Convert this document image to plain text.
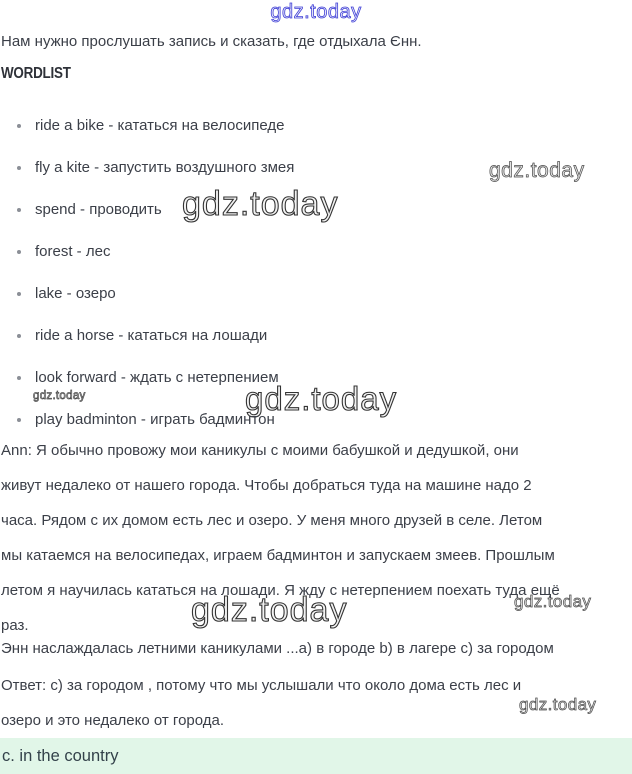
gdz.today
gdz.today
gdz.today
gdz.today	gdz.today
gdz.today	gdz.today
gdz.today
Нам нужно прослушать запись и сказать, где отдыхала Єнн.
WORDLIST
ride a bike - кататься на велосипеде
fly a kite - запустить воздушного змея
spend - проводить
forest - лес
lake - озеро
ride a horse - кататься на лошади
look forward - ждать с нетерпением
play badminton - играть бадминтон
Ann: Я обычно провожу мои каникулы с моими бабушкой и дедушкой, они
живут недалеко от нашего города. Чтобы добраться туда на машине надо 2
часа. Рядом с их домом есть лес и озеро. У меня много друзей в селе. Летом
мы катаемся на велосипедах, играем бадминтон и запускаем змеев. Прошлым
летом я научилась кататься на лошади. Я жду с нетерпением поехать туда ещё
раз.
Энн наслаждалась летними каникулами ...a) в городе b) в лагере c) за городом
Ответ: c) за городом , потому что мы услышали что около дома есть лес и
озеро и это недалеко от города.
c. in the country
